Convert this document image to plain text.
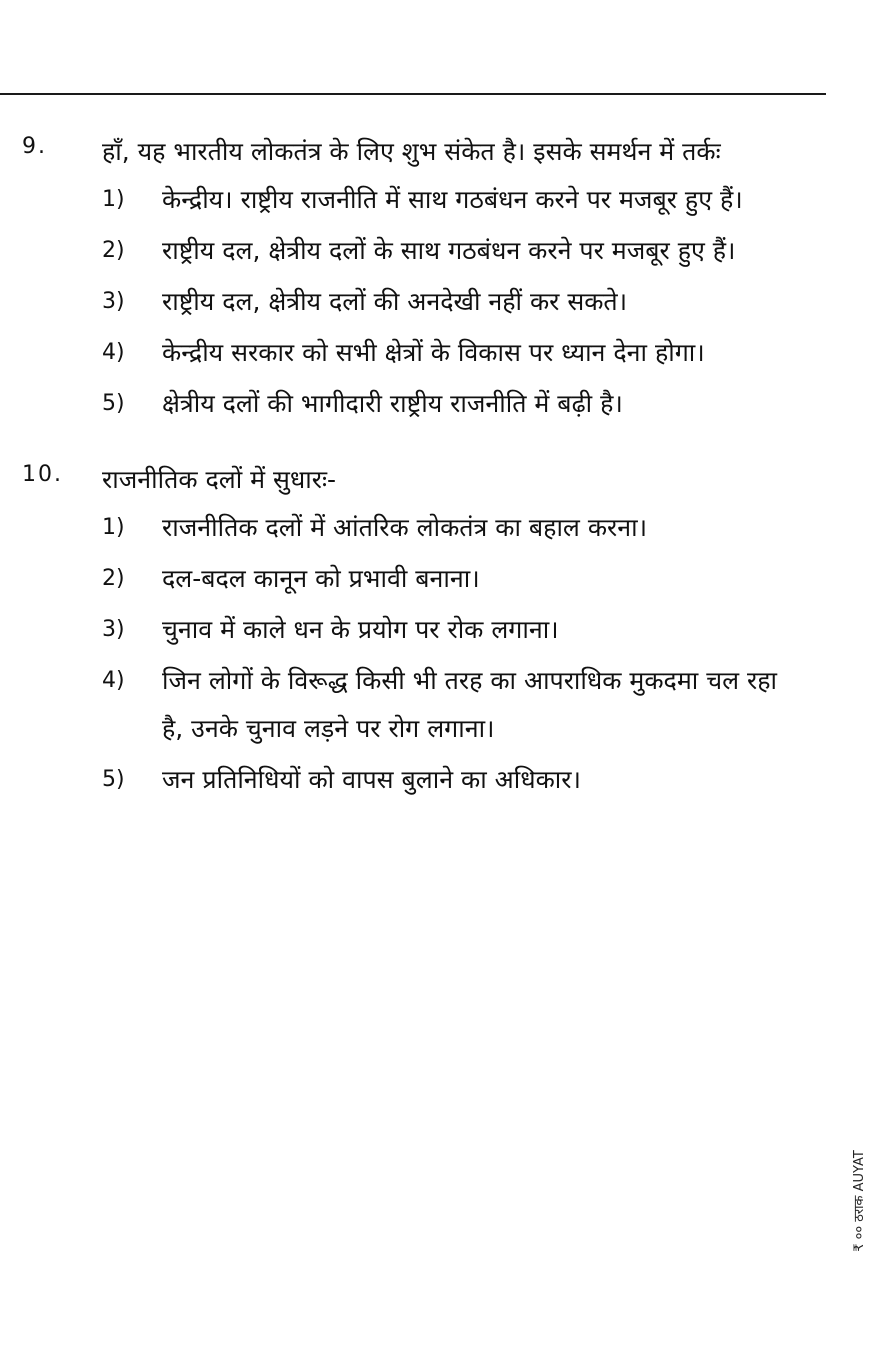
9. हाँ, यह भारतीय लोकतंत्र के लिए शुभ संकेत है। इसके समर्थन में तर्कः
1) केन्द्रीय। राष्ट्रीय राजनीति में साथ गठबंधन करने पर मजबूर हुए हैं।
2) राष्ट्रीय दल, क्षेत्रीय दलों के साथ गठबंधन करने पर मजबूर हुए हैं।
3) राष्ट्रीय दल, क्षेत्रीय दलों की अनदेखी नहीं कर सकते।
4) केन्द्रीय सरकार को सभी क्षेत्रों के विकास पर ध्यान देना होगा।
5) क्षेत्रीय दलों की भागीदारी राष्ट्रीय राजनीति में बढ़ी है।
10. राजनीतिक दलों में सुधारः-
1) राजनीतिक दलों में आंतरिक लोकतंत्र का बहाल करना।
2) दल-बदल कानून को प्रभावी बनाना।
3) चुनाव में काले धन के प्रयोग पर रोक लगाना।
4) जिन लोगों के विरूद्ध किसी भी तरह का आपराधिक मुकदमा चल रहा है, उनके चुनाव लड़ने पर रोग लगाना।
5) जन प्रतिनिधियों को वापस बुलाने का अधिकार।
₹ ०० ठराक AUYAT
